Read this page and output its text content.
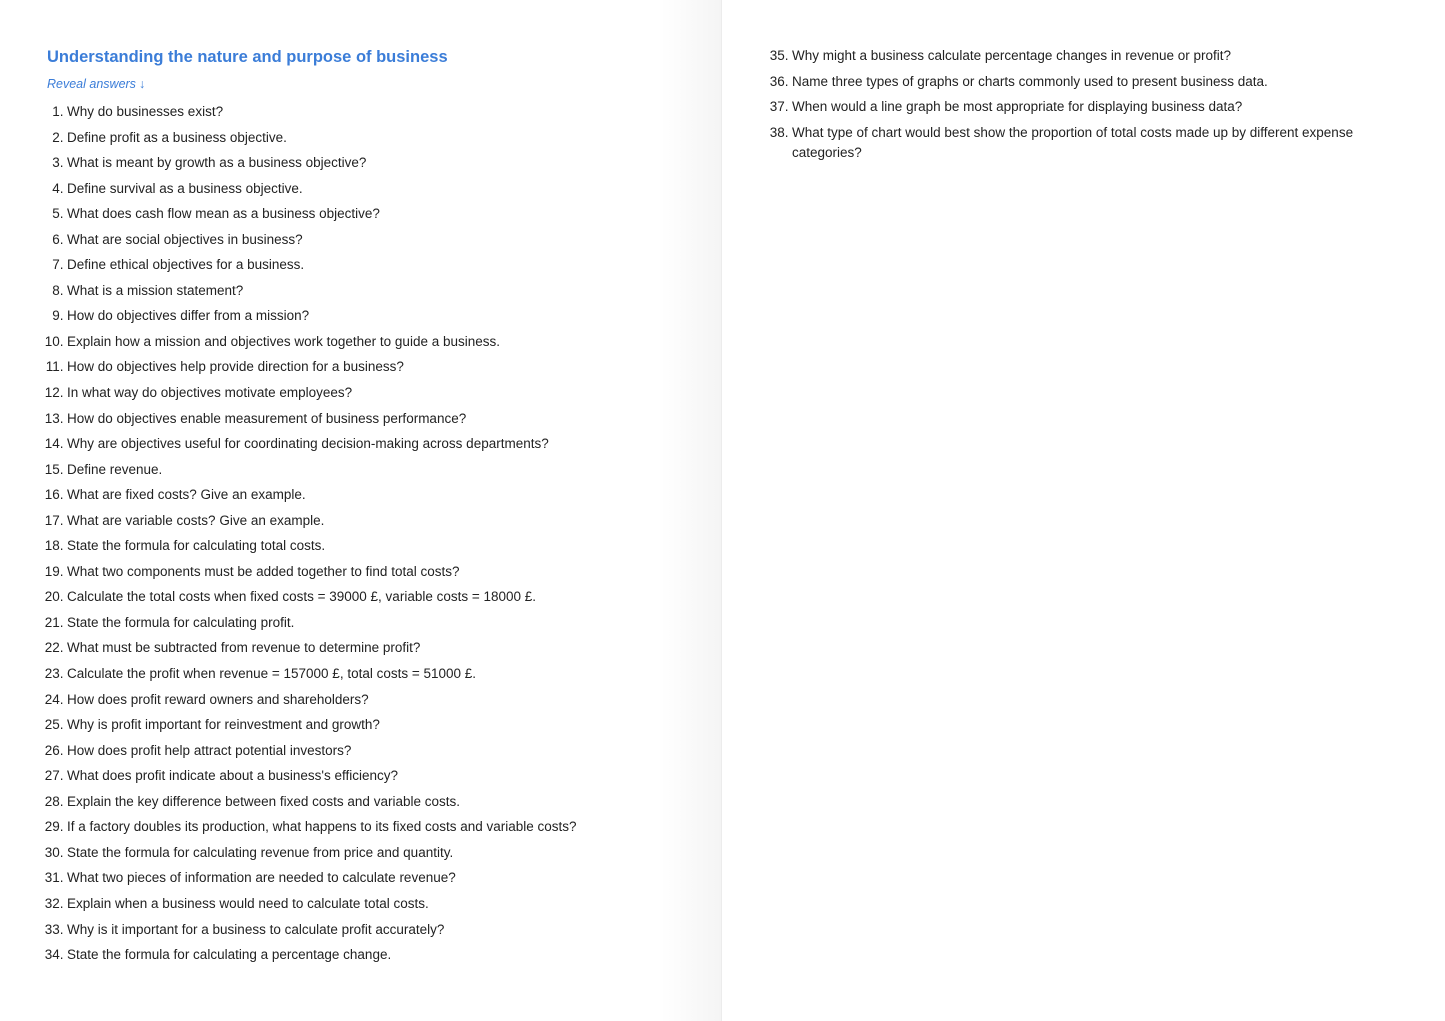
Understanding the nature and purpose of business
Reveal answers ↓
1. Why do businesses exist?
2. Define profit as a business objective.
3. What is meant by growth as a business objective?
4. Define survival as a business objective.
5. What does cash flow mean as a business objective?
6. What are social objectives in business?
7. Define ethical objectives for a business.
8. What is a mission statement?
9. How do objectives differ from a mission?
10. Explain how a mission and objectives work together to guide a business.
11. How do objectives help provide direction for a business?
12. In what way do objectives motivate employees?
13. How do objectives enable measurement of business performance?
14. Why are objectives useful for coordinating decision-making across departments?
15. Define revenue.
16. What are fixed costs? Give an example.
17. What are variable costs? Give an example.
18. State the formula for calculating total costs.
19. What two components must be added together to find total costs?
20. Calculate the total costs when fixed costs = 39000 £, variable costs = 18000 £.
21. State the formula for calculating profit.
22. What must be subtracted from revenue to determine profit?
23. Calculate the profit when revenue = 157000 £, total costs = 51000 £.
24. How does profit reward owners and shareholders?
25. Why is profit important for reinvestment and growth?
26. How does profit help attract potential investors?
27. What does profit indicate about a business's efficiency?
28. Explain the key difference between fixed costs and variable costs.
29. If a factory doubles its production, what happens to its fixed costs and variable costs?
30. State the formula for calculating revenue from price and quantity.
31. What two pieces of information are needed to calculate revenue?
32. Explain when a business would need to calculate total costs.
33. Why is it important for a business to calculate profit accurately?
34. State the formula for calculating a percentage change.
35. Why might a business calculate percentage changes in revenue or profit?
36. Name three types of graphs or charts commonly used to present business data.
37. When would a line graph be most appropriate for displaying business data?
38. What type of chart would best show the proportion of total costs made up by different expense categories?
